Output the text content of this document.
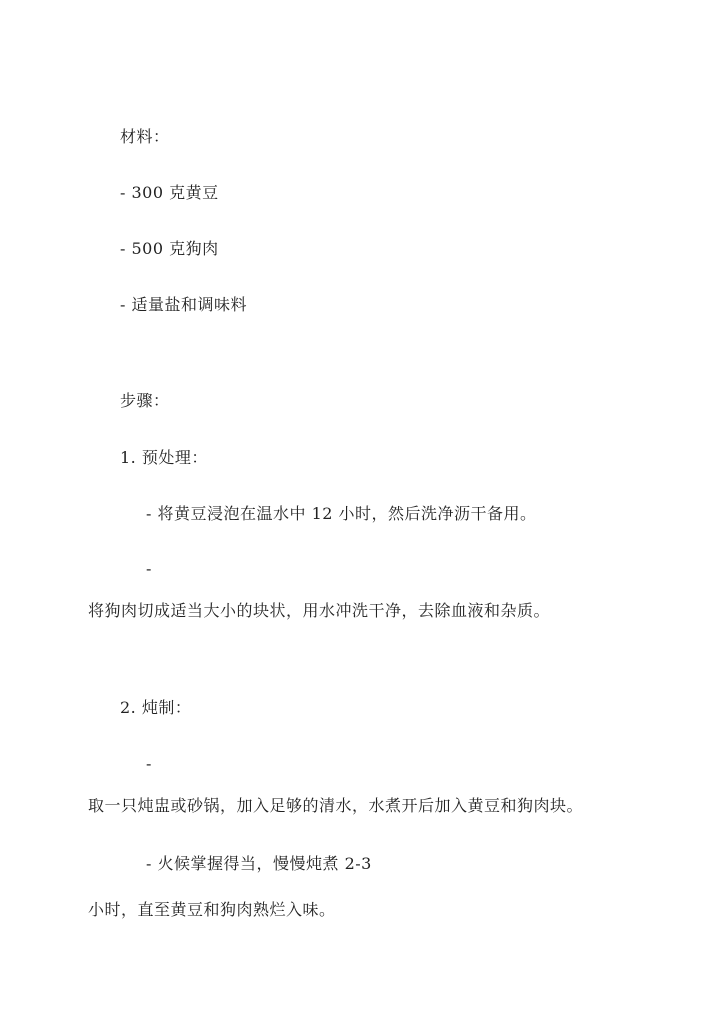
材料：

- 300 克黄豆

- 500 克狗肉

- 适量盐和调味料

步骤：

1. 预处理：

- 将黄豆浸泡在温水中 12 小时，然后洗净沥干备用。

-

将狗肉切成适当大小的块状，用水冲洗干净，去除血液和杂质。

2. 炖制：

-

取一只炖盅或砂锅，加入足够的清水，水煮开后加入黄豆和狗肉块。

- 火候掌握得当，慢慢炖煮 2-3

小时，直至黄豆和狗肉熟烂入味。
